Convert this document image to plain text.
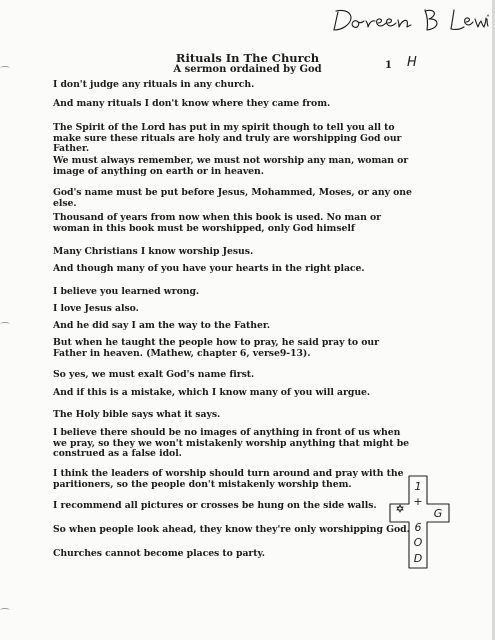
Rituals In The Church
A sermon ordained by God	1 H
I don't judge any rituals in any church.
And many rituals I don't know where they came from.
The Spirit of the Lord has put in my spirit though to tell you all to make sure these rituals are holy and truly are worshipping God our Father.
We must always remember, we must not worship any man, woman or image of anything on earth or in heaven.
God's name must be put before Jesus, Mohammed, Moses, or any one else.
Thousand of years from now when this book is used. No man or woman in this book must be worshipped, only God himself
Many Christians I know worship Jesus.
And though many of you have your hearts in the right place.
I believe you learned wrong.
I love Jesus also.
And he did say I am the way to the Father.
But when he taught the people how to pray, he said pray to our Father in heaven. (Mathew, chapter 6, verse9-13).
So yes, we must exalt God's name first.
And if this is a mistake, which I know many of you will argue.
The Holy bible says what it says.
I believe there should be no images of anything in front of us when we pray, so they we won't mistakenly worship anything that might be construed as a false idol.
I think the leaders of worship should turn around and pray with the paritioners, so the people don't mistakenly worship them.
I recommend all pictures or crosses be hung on the side walls.
So when people look ahead, they know they're only worshipping God.
Churches cannot become places to party.
1
+
G
6
O
D
